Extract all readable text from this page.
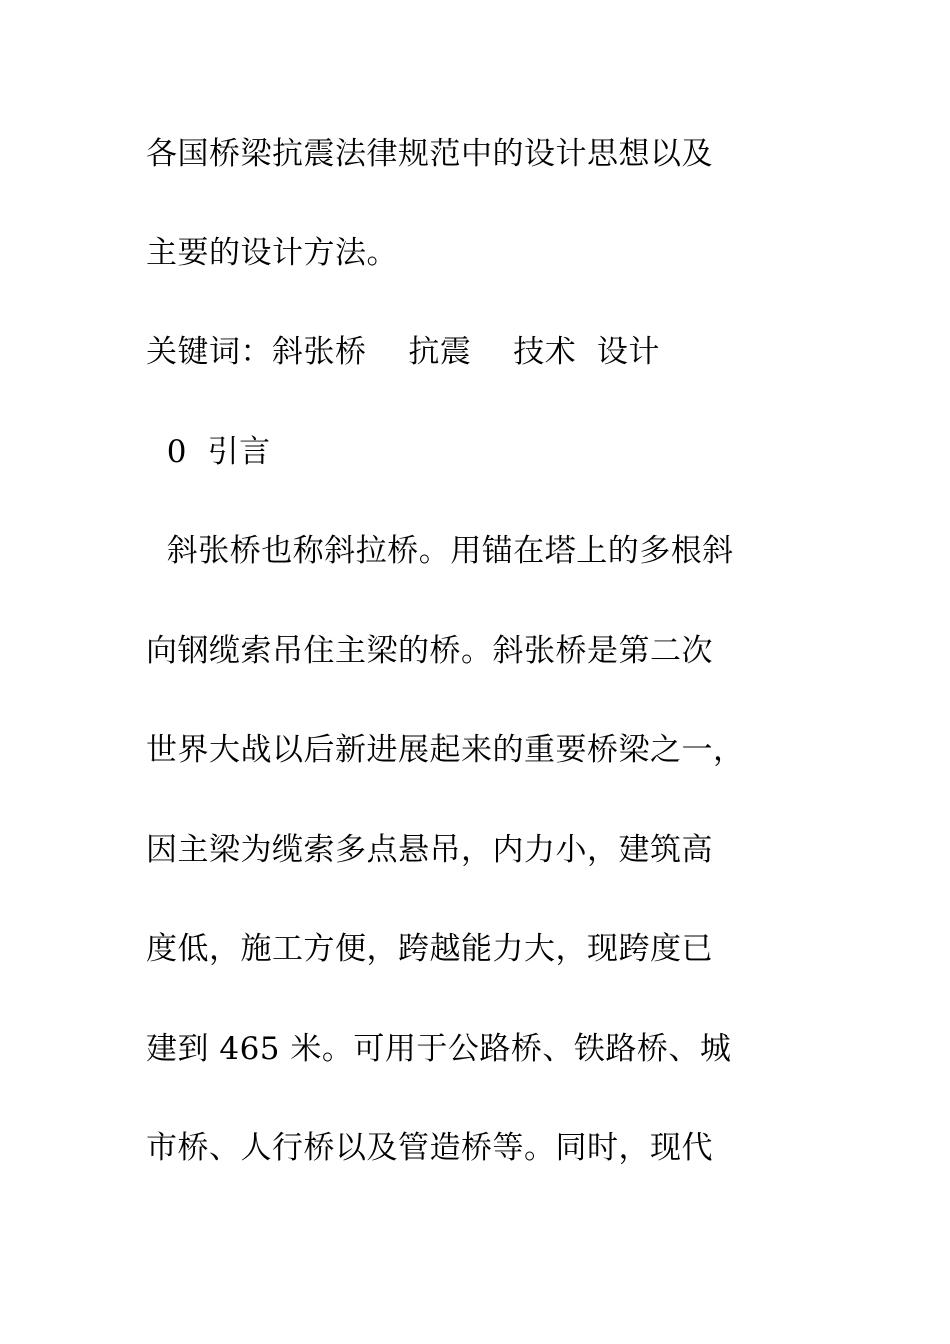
各国桥梁抗震法律规范中的设计思想以及
主要的设计方法。
关键词：斜张桥　 抗震　 技术  设计
0  引言
斜张桥也称斜拉桥。用锚在塔上的多根斜
向钢缆索吊住主梁的桥。斜张桥是第二次
世界大战以后新进展起来的重要桥梁之一，
因主梁为缆索多点悬吊，内力小，建筑高
度低，施工方便，跨越能力大，现跨度已
建到 465 米。可用于公路桥、铁路桥、城
市桥、人行桥以及管造桥等。同时，现代
